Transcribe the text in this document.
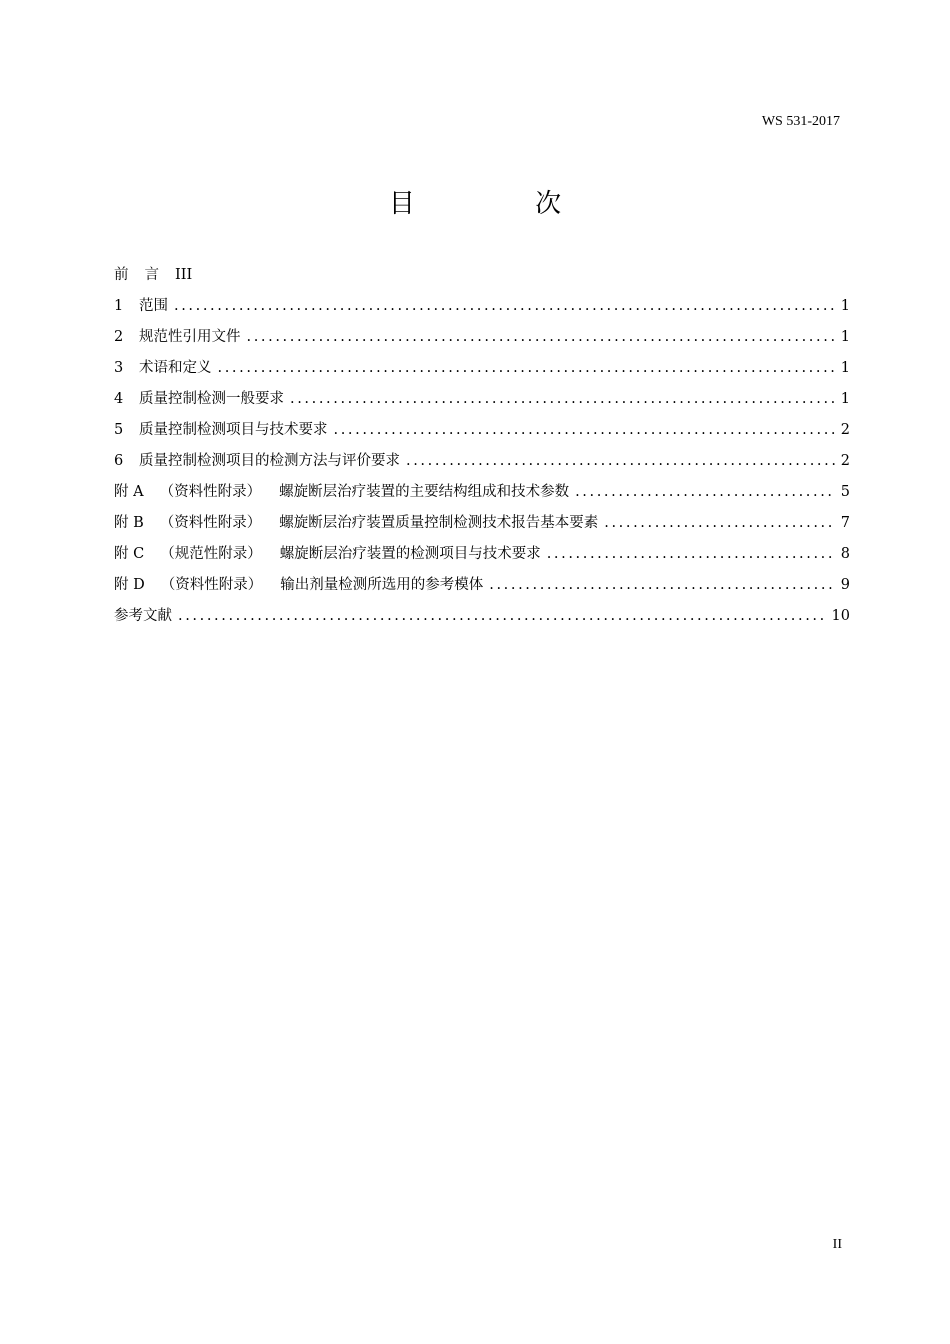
WS 531-2017
目 次
前言 III
1	范围 .....	1
2	规范性引用文件 .....	1
3	术语和定义 .....	1
4	质量控制检测一般要求 .....	1
5	质量控制检测项目与技术要求 .....	2
6	质量控制检测项目的检测方法与评价要求 .....	2
附 A （资料性附录） 螺旋断层治疗装置的主要结构组成和技术参数 .....	5
附 B （资料性附录） 螺旋断层治疗装置质量控制检测技术报告基本要素 .....	7
附 C （规范性附录） 螺旋断层治疗装置的检测项目与技术要求 .....	8
附 D （资料性附录） 输出剂量检测所选用的参考模体 .....	9
参考文献 .....	10
II
